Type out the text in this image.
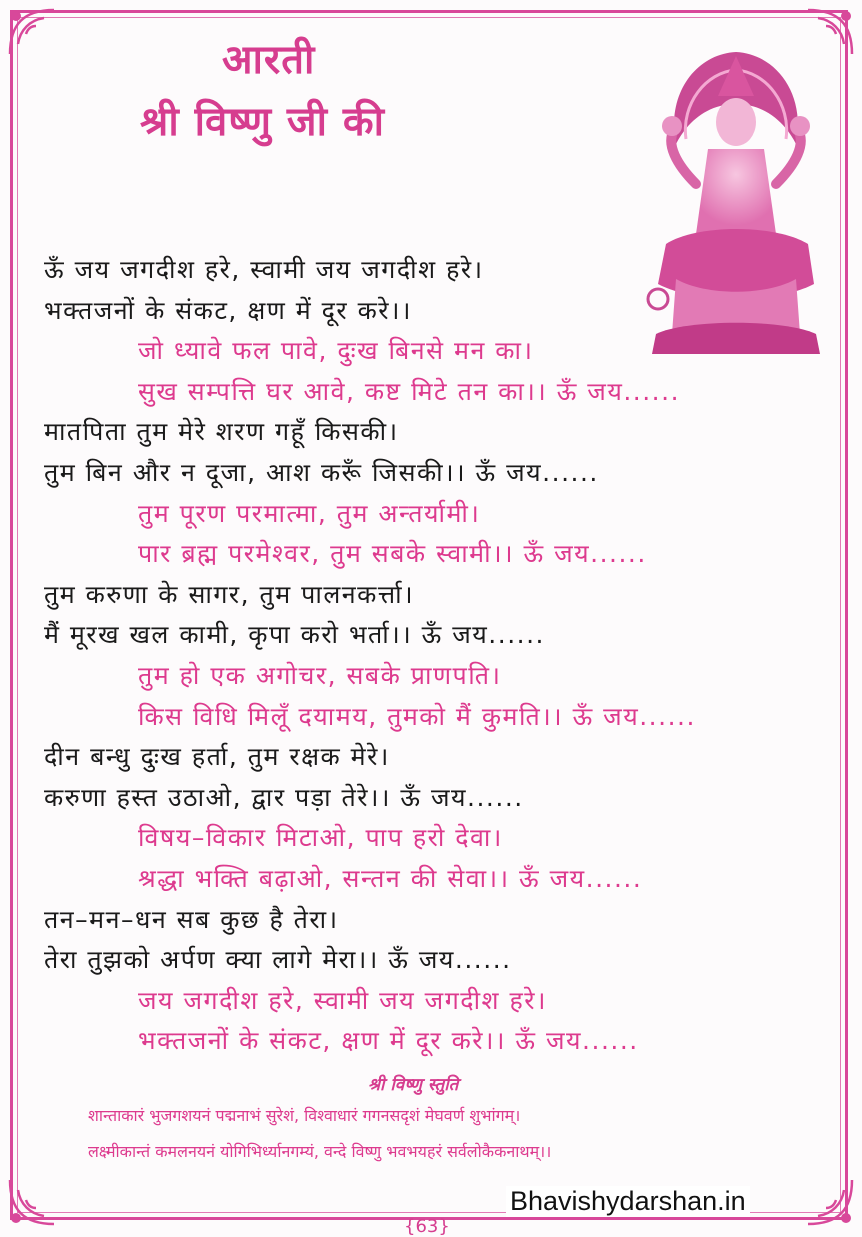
आरती
श्री विष्णु जी की
ऊँ जय जगदीश हरे, स्वामी जय जगदीश हरे।
भक्तजनों के संकट, क्षण में दूर करे।।
जो ध्यावे फल पावे, दुःख बिनसे मन का।
सुख सम्पत्ति घर आवे, कष्ट मिटे तन का।। ऊँ जय......
मातपिता तुम मेरे शरण गहूँ किसकी।
तुम बिन और न दूजा, आश करूँ जिसकी।। ऊँ जय......
तुम पूरण परमात्मा, तुम अन्तर्यामी।
पार ब्रह्म परमेश्वर, तुम सबके स्वामी।। ऊँ जय......
तुम करुणा के सागर, तुम पालनकर्त्ता।
मैं मूरख खल कामी, कृपा करो भर्ता।। ऊँ जय......
तुम हो एक अगोचर, सबके प्राणपति।
किस विधि मिलूँ दयामय, तुमको मैं कुमति।। ऊँ जय......
दीन बन्धु दुःख हर्ता, तुम रक्षक मेरे।
करुणा हस्त उठाओ, द्वार पड़ा तेरे।। ऊँ जय......
विषय–विकार मिटाओ, पाप हरो देवा।
श्रद्धा भक्ति बढ़ाओ, सन्तन की सेवा।। ऊँ जय......
तन–मन–धन सब कुछ है तेरा।
तेरा तुझको अर्पण क्या लागे मेरा।। ऊँ जय......
जय जगदीश हरे, स्वामी जय जगदीश हरे।
भक्तजनों के संकट, क्षण में दूर करे।। ऊँ जय......
श्री विष्णु स्तुति
शान्ताकारं भुजगशयनं पद्मनाभं सुरेशं, विश्वाधारं गगनसदृशं मेघवर्ण शुभांगम्।
लक्ष्मीकान्तं कमलनयनं योगिभिर्ध्यानगम्यं, वन्दे विष्णु भवभयहरं सर्वलोकैकनाथम्।।
Bhavishydarshan.in
{63}
